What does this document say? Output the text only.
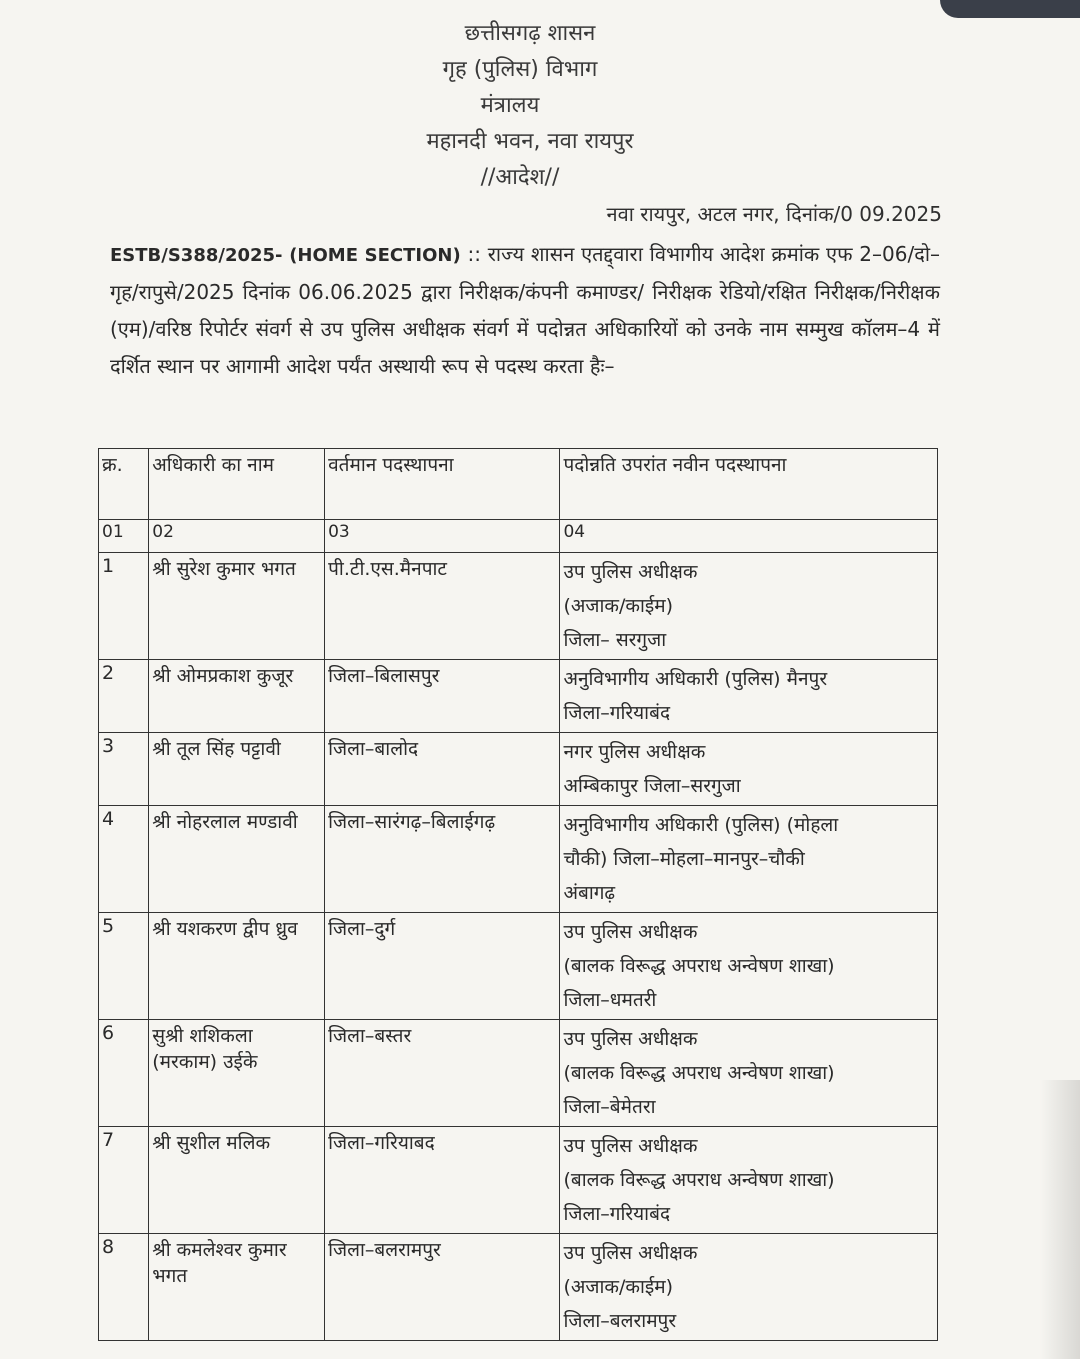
छत्तीसगढ़ शासन
गृह (पुलिस) विभाग
मंत्रालय
महानदी भवन, नवा रायपुर
//आदेश//
नवा रायपुर, अटल नगर, दिनांक/0 09.2025
ESTB/S388/2025- (HOME SECTION) :: राज्य शासन एतद्द्वारा विभागीय आदेश क्रमांक एफ 2–06/दो–गृह/रापुसे/2025 दिनांक 06.06.2025 द्वारा निरीक्षक/कंपनी कमाण्डर/ निरीक्षक रेडियो/रक्षित निरीक्षक/निरीक्षक (एम)/वरिष्ठ रिपोर्टर संवर्ग से उप पुलिस अधीक्षक संवर्ग में पदोन्नत अधिकारियों को उनके नाम सम्मुख कॉलम–4 में दर्शित स्थान पर आगामी आदेश पर्यंत अस्थायी रूप से पदस्थ करता हैः–
क्र.	अधिकारी का नाम	वर्तमान पदस्थापना	पदोन्नति उपरांत नवीन पदस्थापना
01	02	03	04
1	श्री सुरेश कुमार भगत	पी.टी.एस.मैनपाट	उप पुलिस अधीक्षक
(अजाक/काईम)
जिला– सरगुजा

2	श्री ओमप्रकाश कुजूर	जिला–बिलासपुर	अनुविभागीय अधिकारी (पुलिस) मैनपुर
जिला–गरियाबंद

3	श्री तूल सिंह पट्टावी	जिला–बालोद	नगर पुलिस अधीक्षक
अम्बिकापुर जिला–सरगुजा

4	श्री नोहरलाल मण्डावी	जिला–सारंगढ़–बिलाईगढ़	अनुविभागीय अधिकारी (पुलिस) (मोहला
चौकी) जिला–मोहला–मानपुर–चौकी
अंबागढ़

5	श्री यशकरण द्वीप ध्रुव	जिला–दुर्ग	उप पुलिस अधीक्षक
(बालक विरूद्ध अपराध अन्वेषण शाखा)
जिला–धमतरी

6	सुश्री शशिकला (मरकाम) उईके	जिला–बस्तर	उप पुलिस अधीक्षक
(बालक विरूद्ध अपराध अन्वेषण शाखा)
जिला–बेमेतरा

7	श्री सुशील मलिक	जिला–गरियाबद	उप पुलिस अधीक्षक
(बालक विरूद्ध अपराध अन्वेषण शाखा)
जिला–गरियाबंद

8	श्री कमलेश्वर कुमार भगत	जिला–बलरामपुर	उप पुलिस अधीक्षक
(अजाक/काईम)
जिला–बलरामपुर
